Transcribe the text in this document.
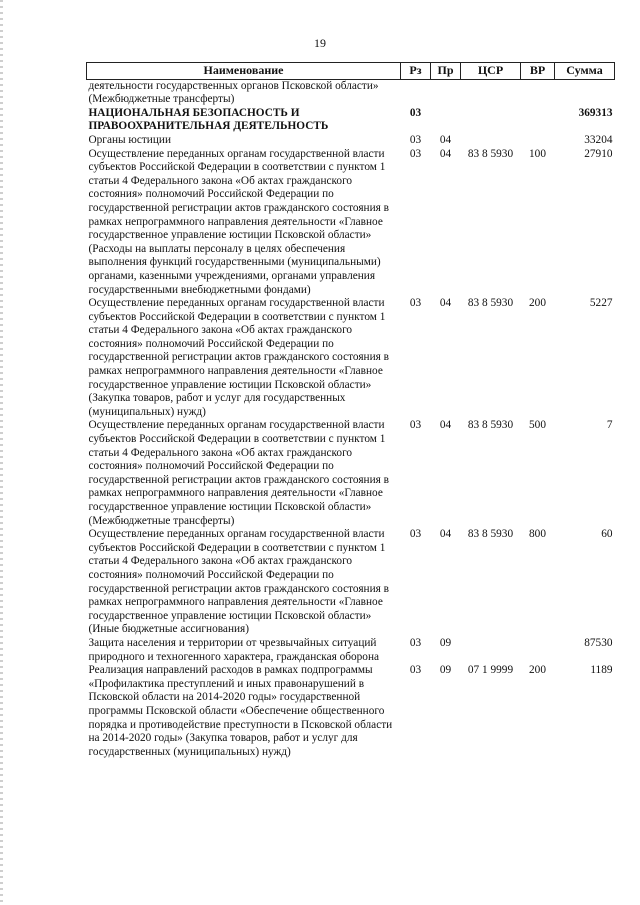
19
Наименование	Рз	Пр	ЦСР	ВР	Сумма
деятельности государственных органов Псковской области» (Межбюджетные трансферты)					
НАЦИОНАЛЬНАЯ БЕЗОПАСНОСТЬ И ПРАВООХРАНИТЕЛЬНАЯ ДЕЯТЕЛЬНОСТЬ	03				369313
Органы юстиции	03	04			33204
Осуществление переданных органам государственной власти субъектов Российской Федерации в соответствии с пунктом 1 статьи 4 Федерального закона «Об актах гражданского состояния» полномочий Российской Федерации по государственной регистрации актов гражданского состояния в рамках непрограммного направления деятельности «Главное государственное управление юстиции Псковской области» (Расходы на выплаты персоналу в целях обеспечения выполнения функций государственными (муниципальными) органами, казенными учреждениями, органами управления государственными внебюджетными фондами)	03	04	83 8 5930	100	27910
Осуществление переданных органам государственной власти субъектов Российской Федерации в соответствии с пунктом 1 статьи 4 Федерального закона «Об актах гражданского состояния» полномочий Российской Федерации по государственной регистрации актов гражданского состояния в рамках непрограммного направления деятельности «Главное государственное управление юстиции Псковской области» (Закупка товаров, работ и услуг для государственных (муниципальных) нужд)	03	04	83 8 5930	200	5227
Осуществление переданных органам государственной власти субъектов Российской Федерации в соответствии с пунктом 1 статьи 4 Федерального закона «Об актах гражданского состояния» полномочий Российской Федерации по государственной регистрации актов гражданского состояния в рамках непрограммного направления деятельности «Главное государственное управление юстиции Псковской области» (Межбюджетные трансферты)	03	04	83 8 5930	500	7
Осуществление переданных органам государственной власти субъектов Российской Федерации в соответствии с пунктом 1 статьи 4 Федерального закона «Об актах гражданского состояния» полномочий Российской Федерации по государственной регистрации актов гражданского состояния в рамках непрограммного направления деятельности «Главное государственное управление юстиции Псковской области» (Иные бюджетные ассигнования)	03	04	83 8 5930	800	60
Защита населения и территории от чрезвычайных ситуаций природного и техногенного характера, гражданская оборона	03	09			87530
Реализация направлений расходов в рамках подпрограммы «Профилактика преступлений и иных правонарушений в Псковской области на 2014-2020 годы» государственной программы Псковской области «Обеспечение общественного порядка и противодействие преступности в Псковской области на 2014-2020 годы» (Закупка товаров, работ и услуг для государственных (муниципальных) нужд)	03	09	07 1 9999	200	1189
